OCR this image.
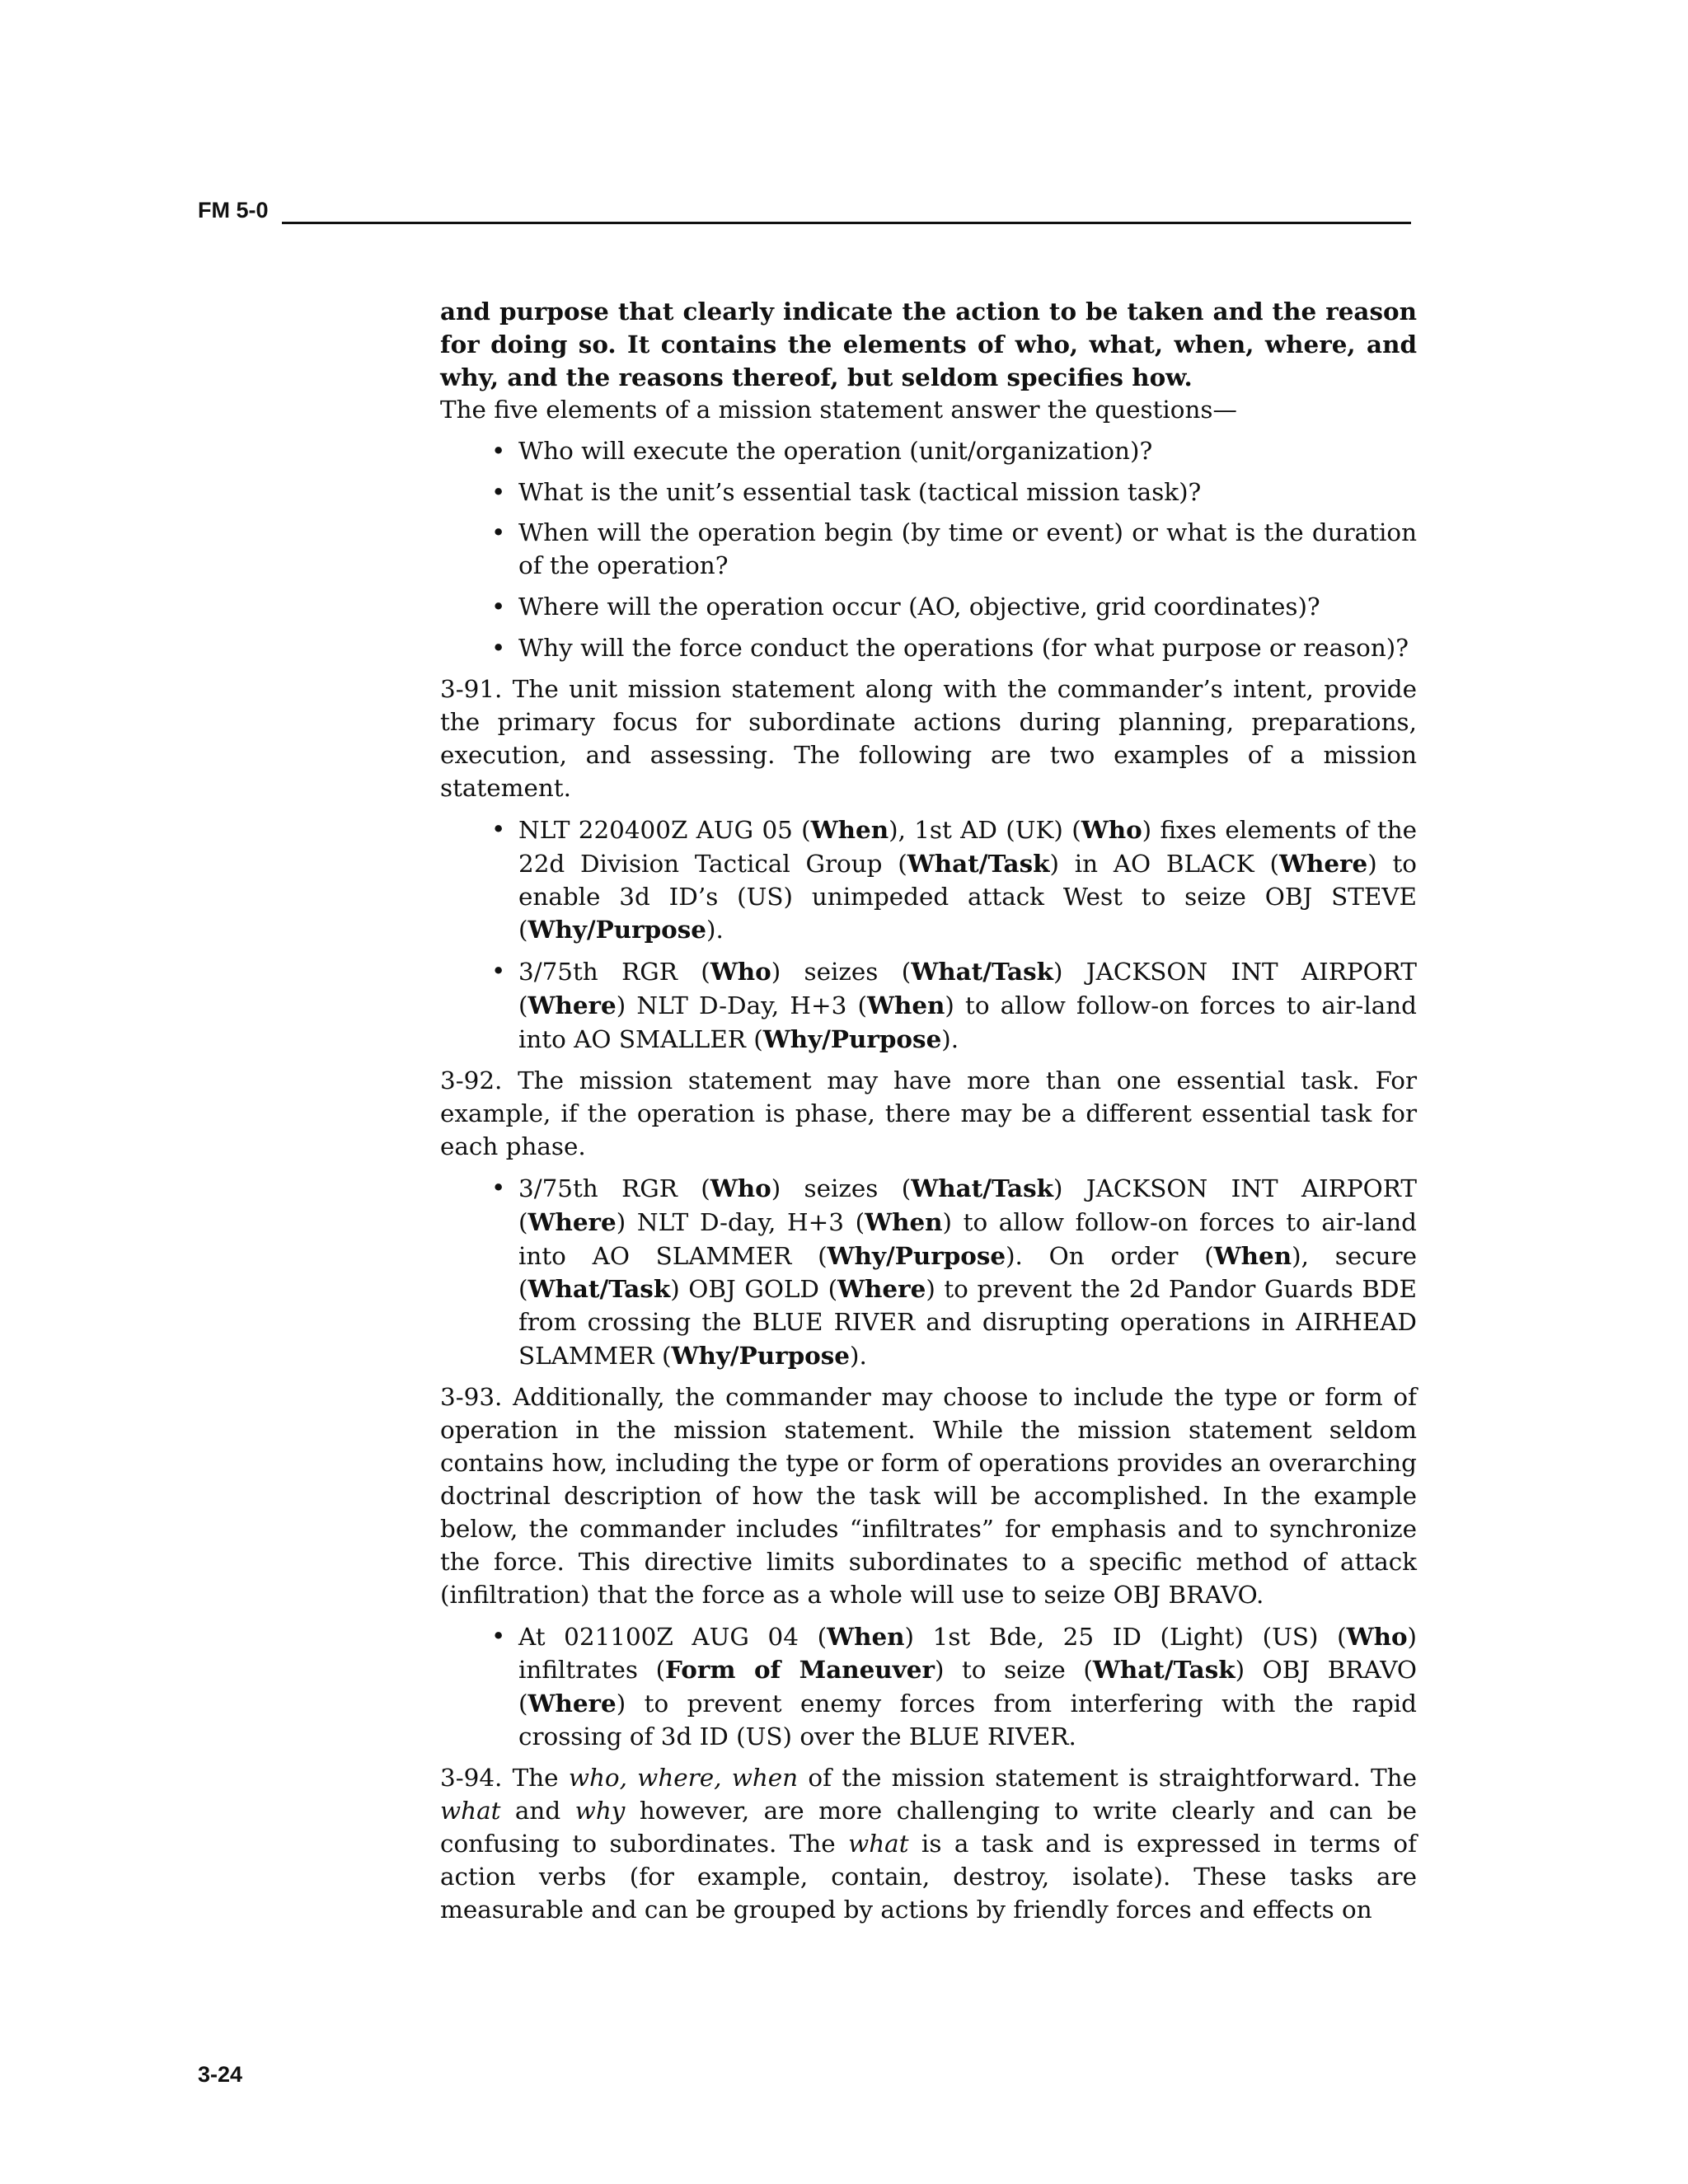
FM 5-0

and purpose that clearly indicate the action to be taken and the reason for doing so. It contains the elements of who, what, when, where, and why, and the reasons thereof, but seldom specifies how.

The five elements of a mission statement answer the questions—

• Who will execute the operation (unit/organization)?
• What is the unit’s essential task (tactical mission task)?
• When will the operation begin (by time or event) or what is the duration of the operation?
• Where will the operation occur (AO, objective, grid coordinates)?
• Why will the force conduct the operations (for what purpose or reason)?

3-91. The unit mission statement along with the commander’s intent, provide the primary focus for subordinate actions during planning, preparations, execution, and assessing. The following are two examples of a mission statement.

• NLT 220400Z AUG 05 (When), 1st AD (UK) (Who) fixes elements of the 22d Division Tactical Group (What/Task) in AO BLACK (Where) to enable 3d ID’s (US) unimpeded attack West to seize OBJ STEVE (Why/Purpose).
• 3/75th RGR (Who) seizes (What/Task) JACKSON INT AIRPORT (Where) NLT D-Day, H+3 (When) to allow follow-on forces to air-land into AO SMALLER (Why/Purpose).

3-92. The mission statement may have more than one essential task. For example, if the operation is phase, there may be a different essential task for each phase.

• 3/75th RGR (Who) seizes (What/Task) JACKSON INT AIRPORT (Where) NLT D-day, H+3 (When) to allow follow-on forces to air-land into AO SLAMMER (Why/Purpose). On order (When), secure (What/Task) OBJ GOLD (Where) to prevent the 2d Pandor Guards BDE from crossing the BLUE RIVER and disrupting operations in AIRHEAD SLAMMER (Why/Purpose).

3-93. Additionally, the commander may choose to include the type or form of operation in the mission statement. While the mission statement seldom contains how, including the type or form of operations provides an overarching doctrinal description of how the task will be accomplished. In the example below, the commander includes “infiltrates” for emphasis and to synchronize the force. This directive limits subordinates to a specific method of attack (infiltration) that the force as a whole will use to seize OBJ BRAVO.

• At 021100Z AUG 04 (When) 1st Bde, 25 ID (Light) (US) (Who) infiltrates (Form of Maneuver) to seize (What/Task) OBJ BRAVO (Where) to prevent enemy forces from interfering with the rapid crossing of 3d ID (US) over the BLUE RIVER.

3-94. The who, where, when of the mission statement is straightforward. The what and why however, are more challenging to write clearly and can be confusing to subordinates. The what is a task and is expressed in terms of action verbs (for example, contain, destroy, isolate). These tasks are measurable and can be grouped by actions by friendly forces and effects on

3-24
